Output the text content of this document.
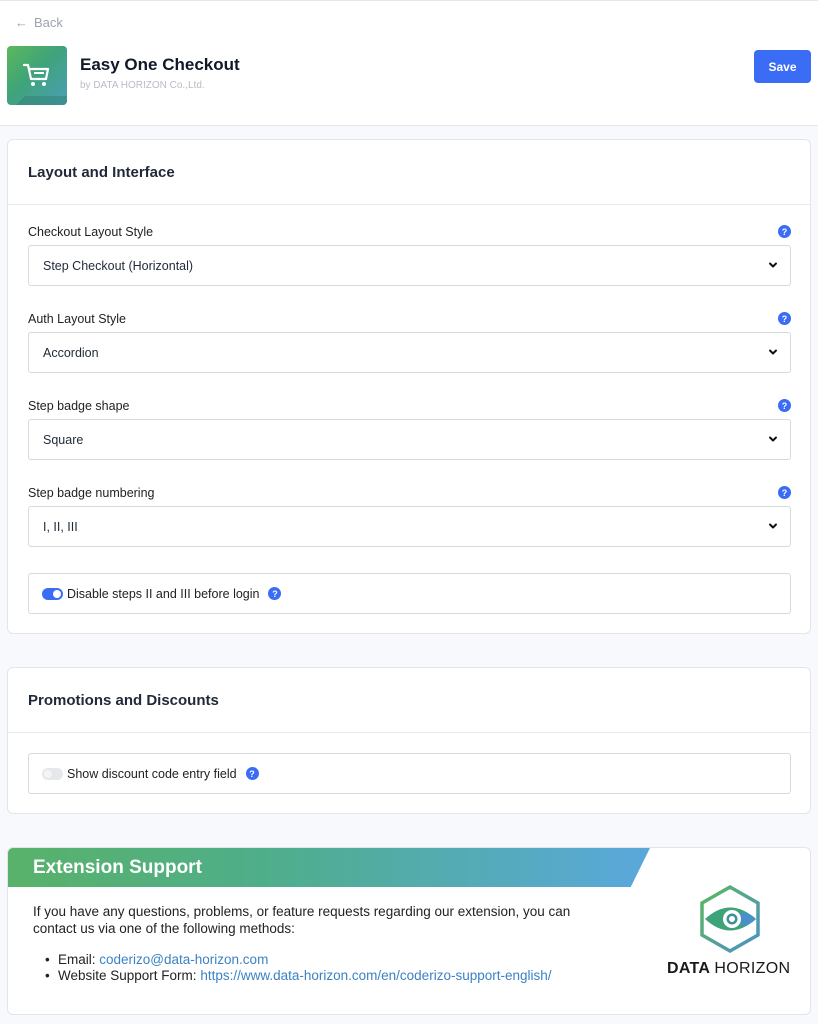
← Back
Easy One Checkout
by DATA HORIZON Co.,Ltd.
Save
Layout and Interface
Checkout Layout Style	?
Step Checkout (Horizontal)
Auth Layout Style	?
Accordion
Step badge shape	?
Square
Step badge numbering	?
I, II, III
Disable steps II and III before login	?
Promotions and Discounts
Show discount code entry field	?
Extension Support
If you have any questions, problems, or feature requests regarding our extension, you can contact us via one of the following methods:
• Email: coderizo@data-horizon.com
• Website Support Form: https://www.data-horizon.com/en/coderizo-support-english/	DATA HORIZON
